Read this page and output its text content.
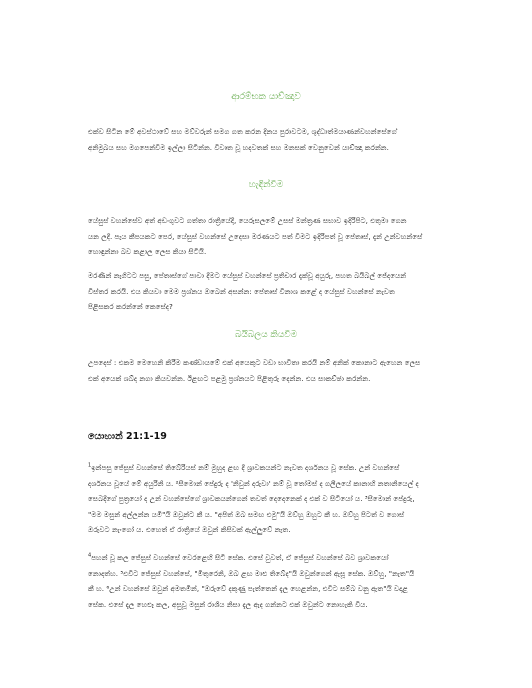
ආරම්භක යාච්ඤාව
එක්ව සිටින මේ අවස්ථාවේ සහ මව්වරුන් සමග ගත කරන දිනය පුරාවටම, ශුද්ධාත්මයාණන්වහන්සේගේ
අනිමුඛය සහ මගපෙන්වීම ඉල්ලා සිටින්න. විවෘත වූ හදවතක් සහ මනසක් වෙනුවෙන් යාච්ඤා කරන්න.
හැඳින්වීම
යේසුස් වහන්සේව අත් අඩංගුවට ගත්තා රාත්‍රියේදී, යෙරුසලමේ උසස් මන්ත්‍රණ සභාව ඉදිරිපිට, එතුමා ගෙන
යන ලදී. පැය කීපයකට පෙර, යේසුස් වහන්සේ උදෙසා මරණයට පත් වීමට ඉදිරිපත් වූ පේතෘස්, දැන් උන්වහන්සේ
හොඳුන්නා බව කළාල ලෙස කියා සිටියි.
මරණින් නැගිටට පසු, පේතෘස්ගේ පාවා දීමට යේසුස් වහන්සේ ප්‍රතිචාර දැක්වූ අයුරු, පහත බයිබල් ජේදයෙන්
විස්තර කරයි. එය කියවා මෙම ප්‍රශ්නය ඔබෙන් අසන්න: පේතෘස් විනාශ කළේ ද යේසුස් වහන්සේ නැවත
පිළිසකර කරන්නේ කෙසේද?
බයිබලය කියවීම
උපදෙස් : එකම මෙහෙනි කිරීම කණ්ඩායමේ එක් අයෙකුට වඩා භාවිතා කරයි නම් අනික් කොනාට ඇහෙන ලෙස
එක් අයෙක් ශබ්ද නගා කියවන්න. ඊළඟට පළමු ප්‍රශ්නයට පිළිතුරු දෙන්න. එය සාකච්ඡා කරන්න.
යොහාන් 21:1-19
$^1$ඉන්පසු ජේසුස් වහන්සේ තිබේරියස් නම් මුහුද ළඟ දී ශ්‍රාවකයන්ට නැවත දර්ශනය වූ සේක. උන් වහන්සේ
දර්ශනය වූයේ මේ අයුරිනි ය. ²සීමොන් පේදුරු ද 'නිවුන් දරුවා' නම් වූ තෝමස් ද ගලීලයේ කානාහි නතානියෙල් ද
සෙබදීගේ පුත්‍රයෝ ද උන් වහන්සේගේ ශ්‍රාවකයන්ගෙන් තවත් දෙදෙනෙක් ද එක් ව සිටියෝ ය. ³සීමොන් පේදුරු,
"මම මසුන් අල්ලන්න යමි"යි ඔවුන්ට කී ය. "අපිත් ඔබ සමඟ එමු"යි ඔව්හු ඔහුට කී හ. ඔව්හු පිටත් ව ගොස්
ඔරුවට නැංගෝ ය. එහෙත් ඒ රාත්‍රියේ ඔවුන් කිසිවක් ඇල්ලුවේ නැත.
$^4$පහන් වූ කල ජේසුස් වහන්සේ වෙරළෙහි සිටි සේක. එසේ වුවත්, ඒ ජේසුස් වහන්සේ බව ශ්‍රාවකයෝ
නොදත්හ. ⁵එවිට ජේසුස් වහන්සේ, "මිතුරෙනි, ඔබ ළඟ මාළු තිබේද"යි ඔවුන්ගෙන් ඇසූ සේක. ඔව්හු, "නැත"යි
කී හ. ⁶උන් වහන්සේ ඔවුන් අමතමින්, "ඔරුවේ දකුණු පැත්තෙන් දැල හෙළන්න, එවිට සම්බ වනු ඇත"යි වදාළ
සේක. එසේ දැල හෙළූ කල, අසුවූ මසුන් රාශිය නිසා දැල ඇද ගන්නට එක් ඔවුන්ට නොහැකි විය.
